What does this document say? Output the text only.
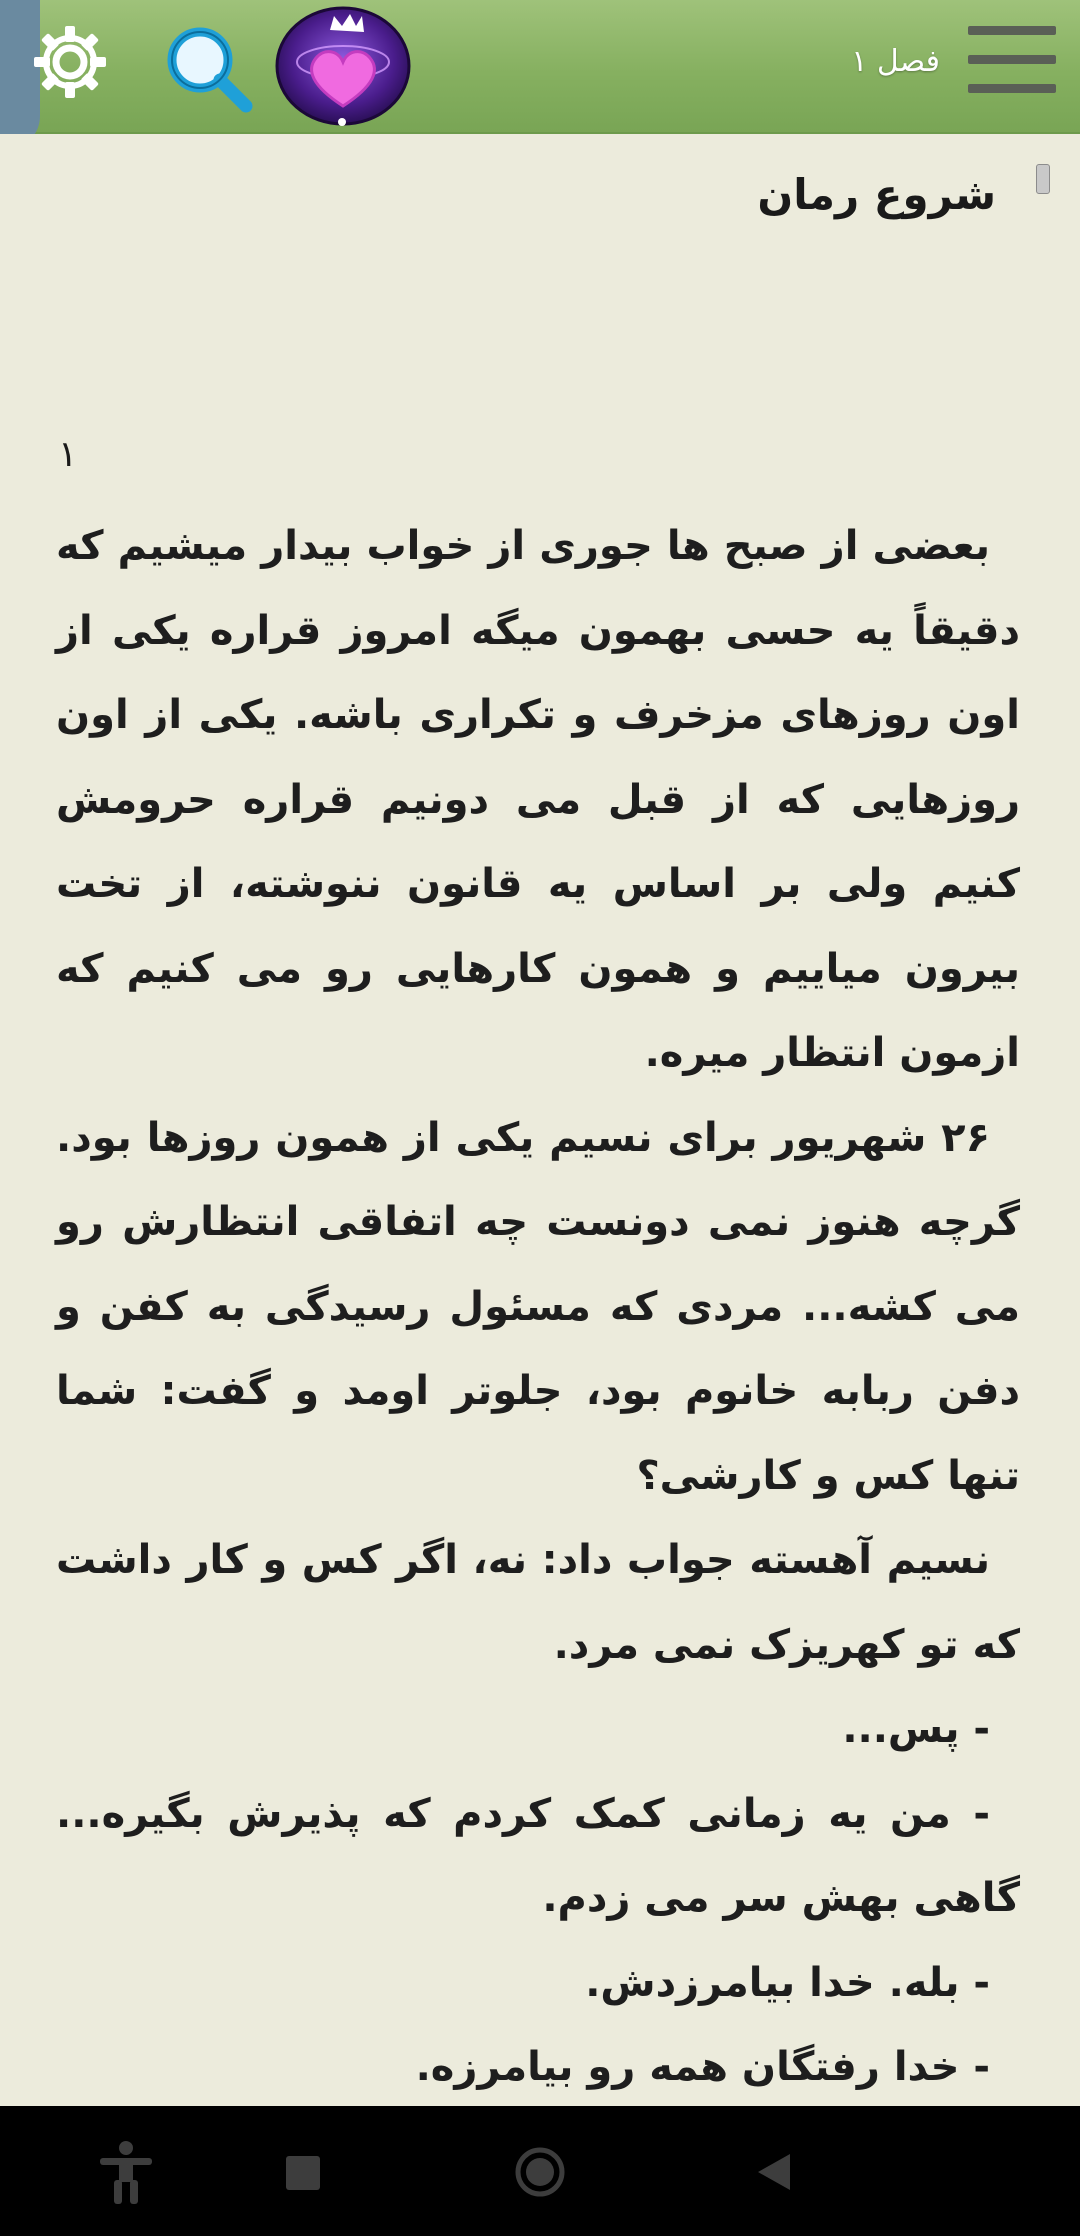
فصل ۱
شروع رمان
۱

بعضی از صبح ها جوری از خواب بیدار میشیم که دقیقاً یه حسی بهمون میگه امروز قراره یکی از اون روزهای مزخرف و تکراری باشه. یکی از اون روزهایی که از قبل می دونیم قراره حرومش کنیم ولی بر اساس یه قانون ننوشته، از تخت بیرون میاییم و همون کارهایی رو می کنیم که ازمون انتظار میره.

۲۶ شهریور برای نسیم یکی از همون روزها بود. گرچه هنوز نمی دونست چه اتفاقی انتظارش رو می کشه... مردی که مسئول رسیدگی به کفن و دفن ربابه خانوم بود، جلوتر اومد و گفت: شما تنها کس و کارشی؟

نسیم آهسته جواب داد: نه، اگر کس و کار داشت که تو کهریزک نمی مرد.

- پس...

- من یه زمانی کمک کردم که پذیرش بگیره... گاهی بهش سر می زدم.

- بله. خدا بیامرزدش.

- خدا رفتگان همه رو بیامرزه.
